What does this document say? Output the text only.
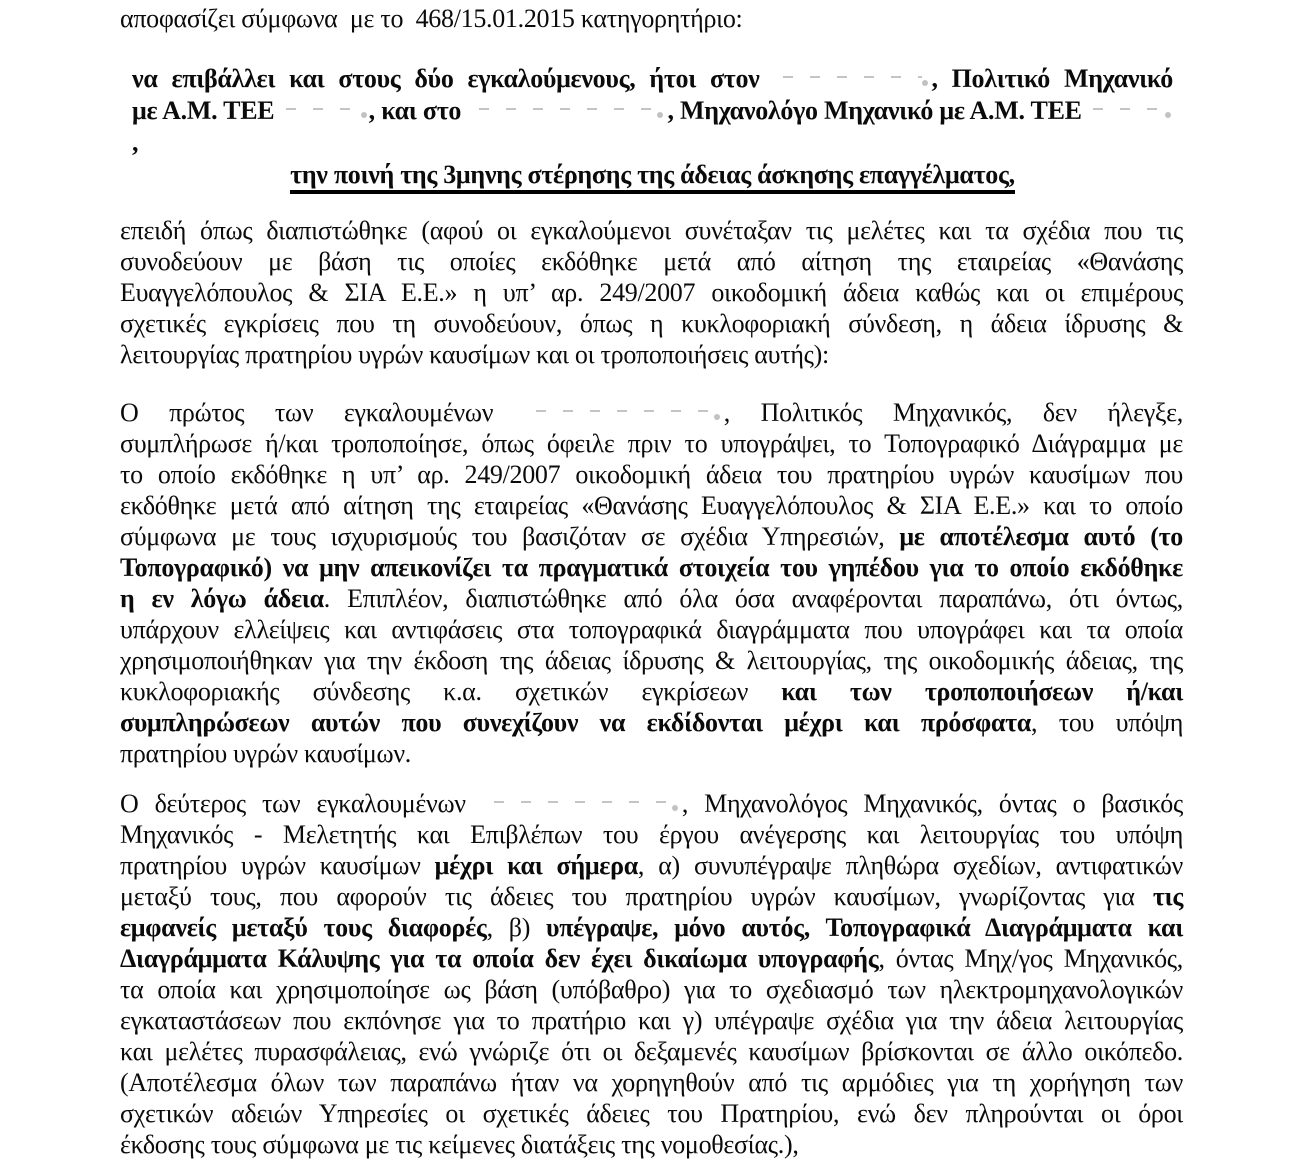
αποφασίζει σύμφωνα  με το  468/15.01.2015 κατηγορητήριο:
να επιβάλλει και στους δύο εγκαλούμενους, ήτοι στον	, Πολιτικό Μηχανικό
με Α.Μ. ΤΕΕ	, και στο	, Μηχανολόγο Μηχανικό με Α.Μ. ΤΕΕ  ,
την ποινή της 3μηνης στέρησης της άδειας άσκησης επαγγέλματος,
επειδή όπως διαπιστώθηκε (αφού οι εγκαλούμενοι συνέταξαν τις μελέτες και τα σχέδια που τις
συνοδεύουν με βάση τις οποίες εκδόθηκε μετά από αίτηση της εταιρείας «Θανάσης
Ευαγγελόπουλος & ΣΙΑ Ε.Ε.» η υπ’ αρ. 249/2007 οικοδομική άδεια καθώς και οι επιμέρους
σχετικές εγκρίσεις που τη συνοδεύουν, όπως η κυκλοφοριακή σύνδεση, η άδεια ίδρυσης &
λειτουργίας πρατηρίου υγρών καυσίμων και οι τροποποιήσεις αυτής):
Ο πρώτος των εγκαλουμένων	, Πολιτικός Μηχανικός, δεν ήλεγξε,
συμπλήρωσε ή/και τροποποίησε, όπως όφειλε πριν το υπογράψει, το Τοπογραφικό Διάγραμμα με
το οποίο εκδόθηκε η υπ’ αρ. 249/2007 οικοδομική άδεια του πρατηρίου υγρών καυσίμων που
εκδόθηκε μετά από αίτηση της εταιρείας «Θανάσης Ευαγγελόπουλος & ΣΙΑ Ε.Ε.» και το οποίο
σύμφωνα με τους ισχυρισμούς του βασιζόταν σε σχέδια Υπηρεσιών, με αποτέλεσμα αυτό (το
Τοπογραφικό) να μην απεικονίζει τα πραγματικά στοιχεία του γηπέδου για το οποίο εκδόθηκε
η εν λόγω άδεια. Επιπλέον, διαπιστώθηκε από όλα όσα αναφέρονται παραπάνω, ότι όντως,
υπάρχουν ελλείψεις και αντιφάσεις στα τοπογραφικά διαγράμματα που υπογράφει και τα οποία
χρησιμοποιήθηκαν για την έκδοση της άδειας ίδρυσης & λειτουργίας, της οικοδομικής άδειας, της
κυκλοφοριακής σύνδεσης κ.α. σχετικών εγκρίσεων και των τροποποιήσεων ή/και
συμπληρώσεων αυτών που συνεχίζουν να εκδίδονται μέχρι και πρόσφατα, του υπόψη
πρατηρίου υγρών καυσίμων.
Ο δεύτερος των εγκαλουμένων	, Μηχανολόγος Μηχανικός, όντας ο βασικός
Μηχανικός - Μελετητής και Επιβλέπων του έργου ανέγερσης και λειτουργίας του υπόψη
πρατηρίου υγρών καυσίμων μέχρι και σήμερα, α) συνυπέγραψε πληθώρα σχεδίων, αντιφατικών
μεταξύ τους, που αφορούν τις άδειες του πρατηρίου υγρών καυσίμων, γνωρίζοντας για τις
εμφανείς μεταξύ τους διαφορές, β) υπέγραψε, μόνο αυτός, Τοπογραφικά Διαγράμματα και
Διαγράμματα Κάλυψης για τα οποία δεν έχει δικαίωμα υπογραφής, όντας Μηχ/γος Μηχανικός,
τα οποία και χρησιμοποίησε ως βάση (υπόβαθρο) για το σχεδιασμό των ηλεκτρομηχανολογικών
εγκαταστάσεων που εκπόνησε για το πρατήριο και γ) υπέγραψε σχέδια για την άδεια λειτουργίας
και μελέτες πυρασφάλειας, ενώ γνώριζε ότι οι δεξαμενές καυσίμων βρίσκονται σε άλλο οικόπεδο.
(Αποτέλεσμα όλων των παραπάνω ήταν να χορηγηθούν από τις αρμόδιες για τη χορήγηση των
σχετικών αδειών Υπηρεσίες οι σχετικές άδειες του Πρατηρίου, ενώ δεν πληρούνται οι όροι
έκδοσης τους σύμφωνα με τις κείμενες διατάξεις της νομοθεσίας.),
